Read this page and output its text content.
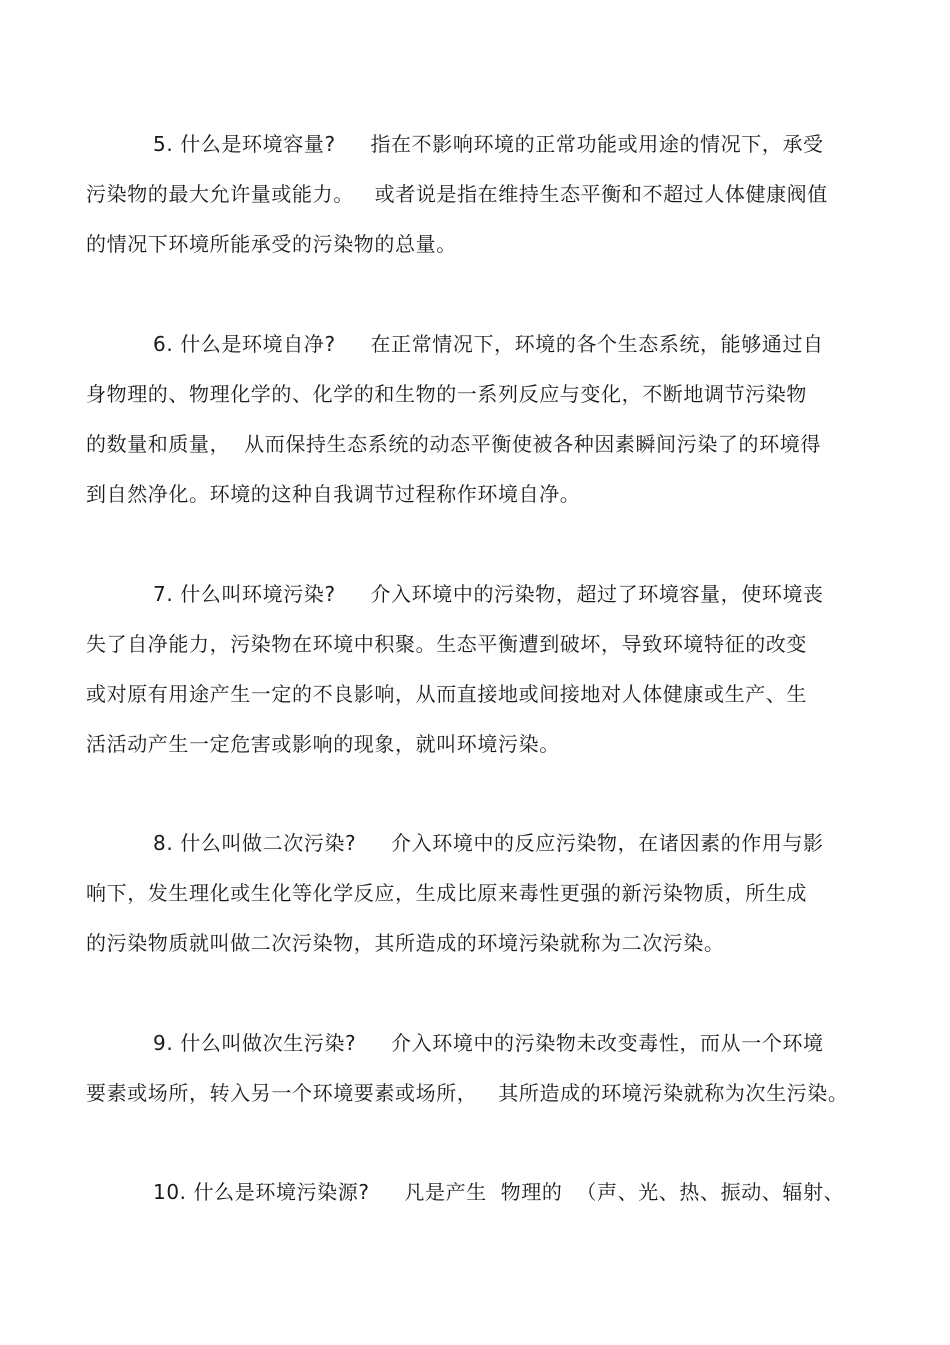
5. 什么是环境容量?     指在不影响环境的正常功能或用途的情况下，承受
污染物的最大允许量或能力。   或者说是指在维持生态平衡和不超过人体健康阀值
的情况下环境所能承受的污染物的总量。
6. 什么是环境自净?     在正常情况下，环境的各个生态系统，能够通过自
身物理的、物理化学的、化学的和生物的一系列反应与变化，不断地调节污染物
的数量和质量，  从而保持生态系统的动态平衡使被各种因素瞬间污染了的环境得
到自然净化。环境的这种自我调节过程称作环境自净。
7. 什么叫环境污染?     介入环境中的污染物，超过了环境容量，使环境丧
失了自净能力，污染物在环境中积聚。生态平衡遭到破坏，导致环境特征的改变
或对原有用途产生一定的不良影响，从而直接地或间接地对人体健康或生产、生
活活动产生一定危害或影响的现象，就叫环境污染。
8. 什么叫做二次污染?     介入环境中的反应污染物，在诸因素的作用与影
响下，发生理化或生化等化学反应，生成比原来毒性更强的新污染物质，所生成
的污染物质就叫做二次污染物，其所造成的环境污染就称为二次污染。
9. 什么叫做次生污染?     介入环境中的污染物未改变毒性，而从一个环境
要素或场所，转入另一个环境要素或场所，   其所造成的环境污染就称为次生污染。
10. 什么是环境污染源?     凡是产生  物理的  （声、光、热、振动、辐射、
